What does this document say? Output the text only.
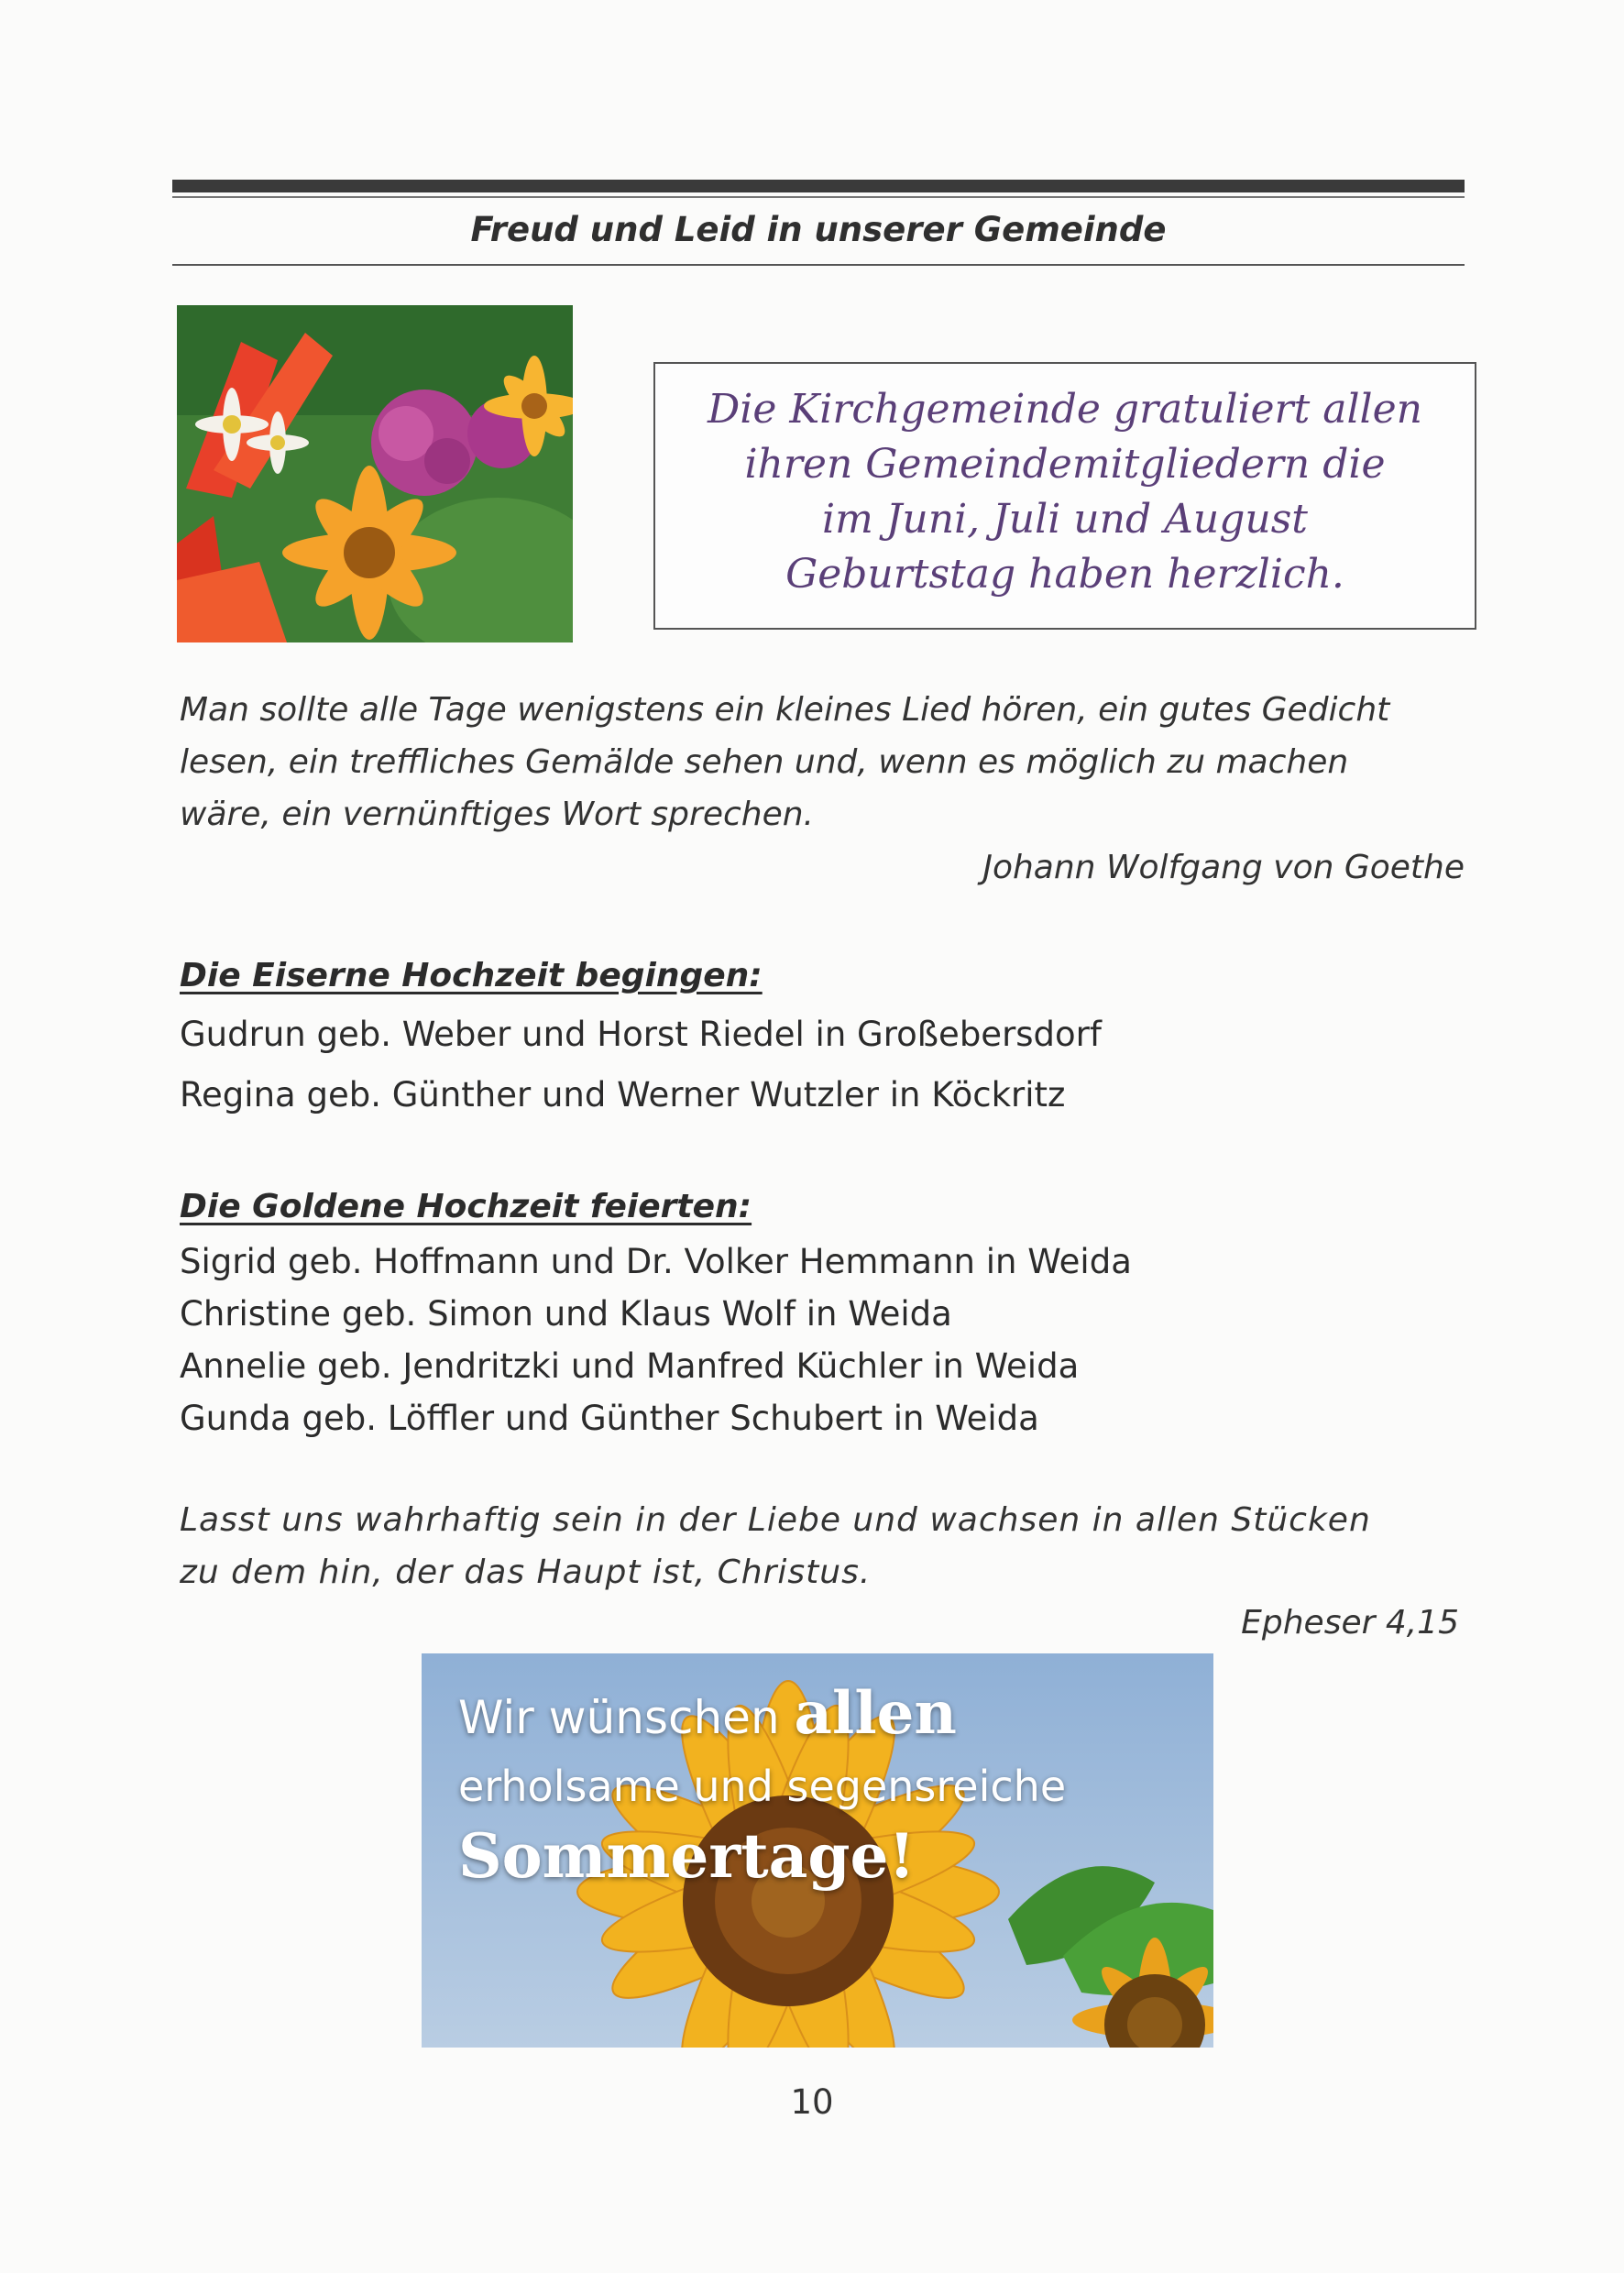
Freud und Leid in unserer Gemeinde
Die Kirchgemeinde gratuliert allen
ihren Gemeindemitgliedern die
im Juni, Juli und August
Geburtstag haben herzlich.
Man sollte alle Tage wenigstens ein kleines Lied hören, ein gutes Gedicht
lesen, ein treffliches Gemälde sehen und, wenn es möglich zu machen
wäre, ein vernünftiges Wort sprechen.
Johann Wolfgang von Goethe
Die Eiserne Hochzeit begingen:
Gudrun geb. Weber und Horst Riedel in Großebersdorf
Regina geb. Günther und Werner Wutzler in Köckritz
Die Goldene Hochzeit feierten:
Sigrid geb. Hoffmann und Dr. Volker Hemmann in Weida
Christine geb. Simon und Klaus Wolf in Weida
Annelie geb. Jendritzki und Manfred Küchler in Weida
Gunda geb. Löffler und Günther Schubert in Weida
Lasst uns wahrhaftig sein in der Liebe und wachsen in allen Stücken
zu dem hin, der das Haupt ist, Christus.
Epheser 4,15
Wir wünschen allen
erholsame und segensreiche
Sommertage!
10
